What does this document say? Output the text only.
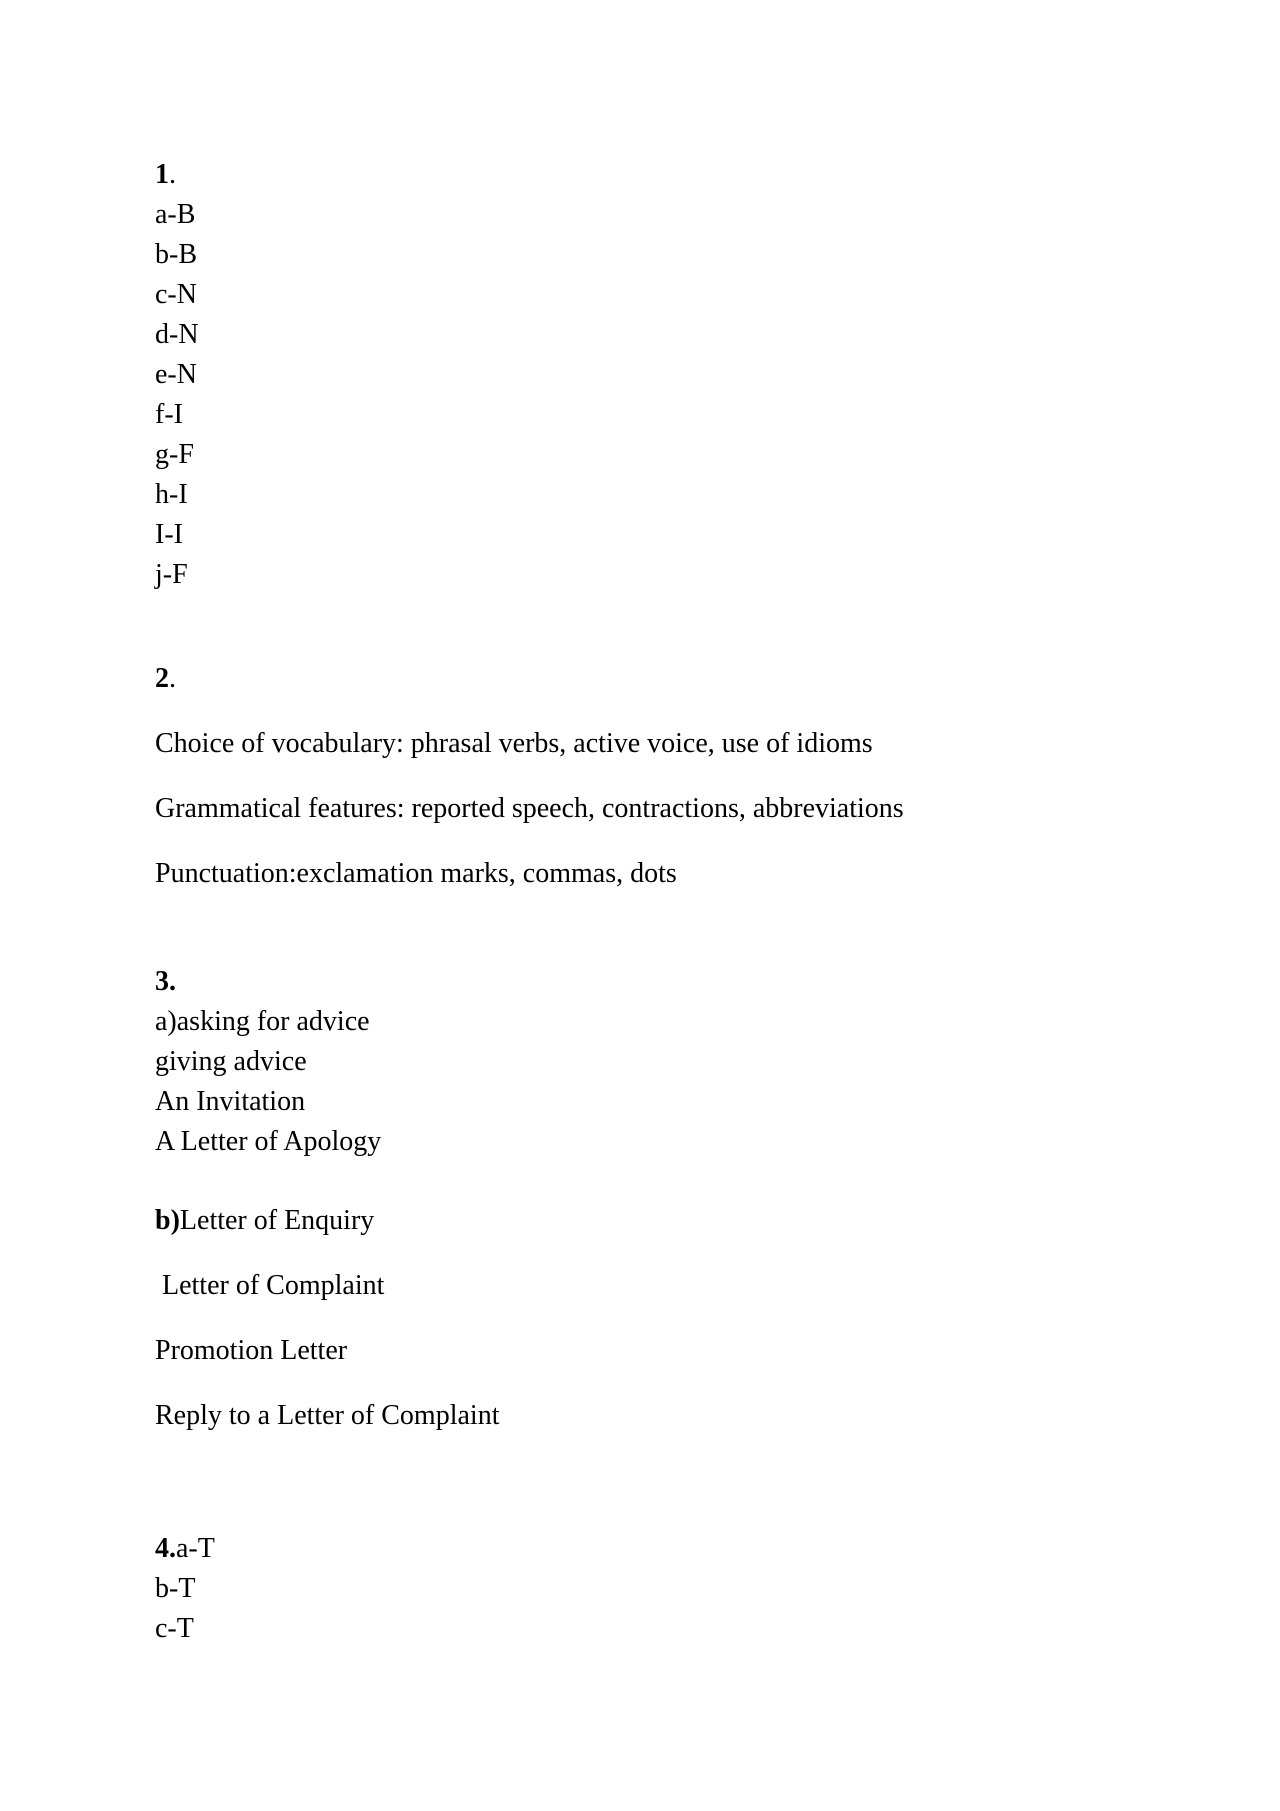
1.
a-B
b-B
c-N
d-N
e-N
f-I
g-F
h-I
I-I
j-F
2.
Choice of vocabulary: phrasal verbs, active voice, use of idioms
Grammatical features: reported speech, contractions, abbreviations
Punctuation:exclamation marks, commas, dots
3.
a)asking for advice
giving advice
An Invitation
A Letter of Apology
b)Letter of Enquiry
Letter of Complaint
Promotion Letter
Reply to a Letter of Complaint
4.a-T
b-T
c-T
